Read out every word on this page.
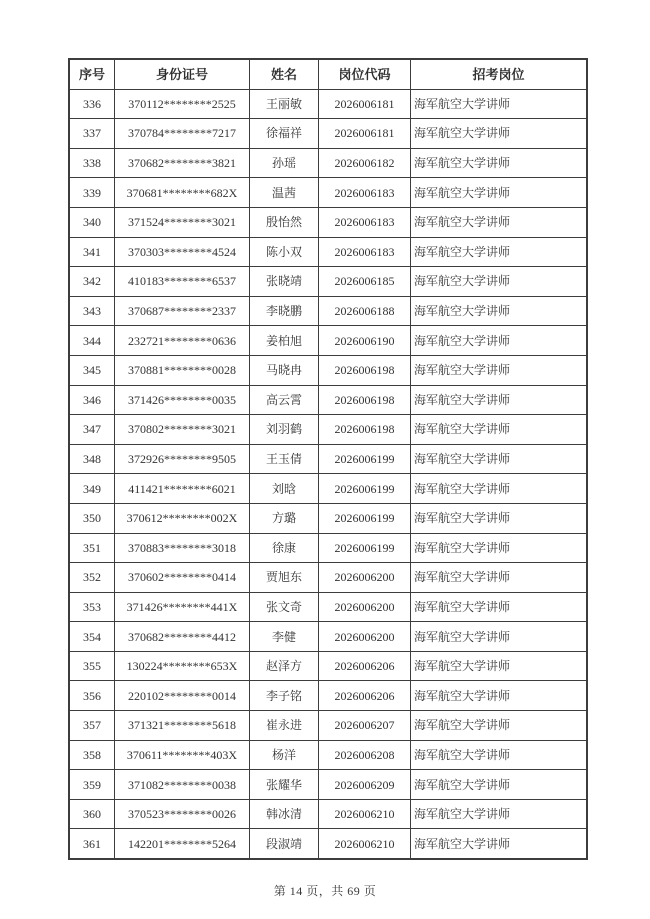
序号	身份证号	姓名	岗位代码	招考岗位
336	370112********2525	王丽敏	2026006181	海军航空大学讲师
337	370784********7217	徐福祥	2026006181	海军航空大学讲师
338	370682********3821	孙瑶	2026006182	海军航空大学讲师
339	370681********682X	温茜	2026006183	海军航空大学讲师
340	371524********3021	殷怡然	2026006183	海军航空大学讲师
341	370303********4524	陈小双	2026006183	海军航空大学讲师
342	410183********6537	张晓靖	2026006185	海军航空大学讲师
343	370687********2337	李晓鹏	2026006188	海军航空大学讲师
344	232721********0636	姜柏旭	2026006190	海军航空大学讲师
345	370881********0028	马晓冉	2026006198	海军航空大学讲师
346	371426********0035	高云霄	2026006198	海军航空大学讲师
347	370802********3021	刘羽鹤	2026006198	海军航空大学讲师
348	372926********9505	王玉倩	2026006199	海军航空大学讲师
349	411421********6021	刘晗	2026006199	海军航空大学讲师
350	370612********002X	方璐	2026006199	海军航空大学讲师
351	370883********3018	徐康	2026006199	海军航空大学讲师
352	370602********0414	贾旭东	2026006200	海军航空大学讲师
353	371426********441X	张文奇	2026006200	海军航空大学讲师
354	370682********4412	李健	2026006200	海军航空大学讲师
355	130224********653X	赵泽方	2026006206	海军航空大学讲师
356	220102********0014	李子铭	2026006206	海军航空大学讲师
357	371321********5618	崔永进	2026006207	海军航空大学讲师
358	370611********403X	杨洋	2026006208	海军航空大学讲师
359	371082********0038	张耀华	2026006209	海军航空大学讲师
360	370523********0026	韩冰清	2026006210	海军航空大学讲师
361	142201********5264	段淑靖	2026006210	海军航空大学讲师
第 14 页，共 69 页
